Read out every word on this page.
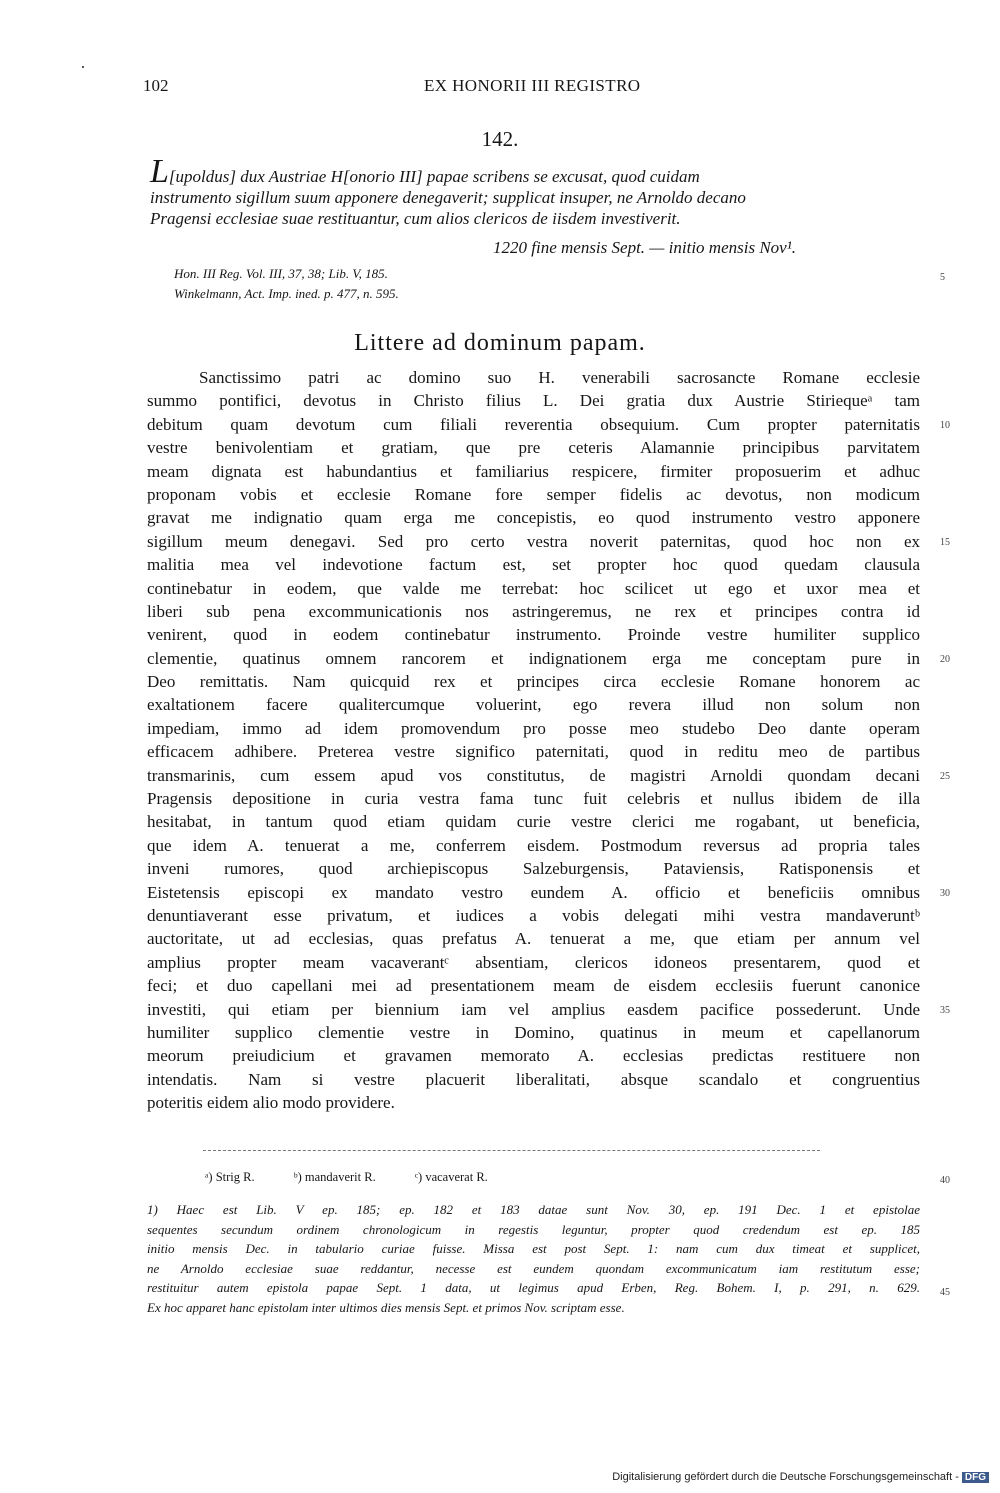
102	EX HONORII III REGISTRO
142.
L[upoldus] dux Austriae H[onorio III] papae scribens se excusat, quod cuidam
instrumento sigillum suum apponere denegaverit; supplicat insuper, ne Arnoldo decano
Pragensi ecclesiae suae restituantur, cum alios clericos de iisdem investiverit.
1220 fine mensis Sept. — initio mensis Nov¹.
Hon. III Reg. Vol. III, 37, 38; Lib. V, 185.
Winkelmann, Act. Imp. ined. p. 477, n. 595.
Littere ad dominum papam.
Sanctissimo patri ac domino suo H. venerabili sacrosancte Romane ecclesie
summo pontifici, devotus in Christo filius L. Dei gratia dux Austrie Stiriequeᵃ tam
debitum quam devotum cum filiali reverentia obsequium. Cum propter paternitatis
vestre benivolentiam et gratiam, que pre ceteris Alamannie principibus parvitatem
meam dignata est habundantius et familiarius respicere, firmiter proposuerim et adhuc
proponam vobis et ecclesie Romane fore semper fidelis ac devotus, non modicum
gravat me indignatio quam erga me concepistis, eo quod instrumento vestro apponere
sigillum meum denegavi. Sed pro certo vestra noverit paternitas, quod hoc non ex
malitia mea vel indevotione factum est, set propter hoc quod quedam clausula
continebatur in eodem, que valde me terrebat: hoc scilicet ut ego et uxor mea et
liberi sub pena excommunicationis nos astringeremus, ne rex et principes contra id
venirent, quod in eodem continebatur instrumento. Proinde vestre humiliter supplico
clementie, quatinus omnem rancorem et indignationem erga me conceptam pure in
Deo remittatis. Nam quicquid rex et principes circa ecclesie Romane honorem ac
exaltationem facere qualitercumque voluerint, ego revera illud non solum non
impediam, immo ad idem promovendum pro posse meo studebo Deo dante operam
efficacem adhibere. Preterea vestre significo paternitati, quod in reditu meo de partibus
transmarinis, cum essem apud vos constitutus, de magistri Arnoldi quondam decani
Pragensis depositione in curia vestra fama tunc fuit celebris et nullus ibidem de illa
hesitabat, in tantum quod etiam quidam curie vestre clerici me rogabant, ut beneficia,
que idem A. tenuerat a me, conferrem eisdem. Postmodum reversus ad propria tales
inveni rumores, quod archiepiscopus Salzeburgensis, Pataviensis, Ratisponensis et
Eistetensis episcopi ex mandato vestro eundem A. officio et beneficiis omnibus
denuntiaverant esse privatum, et iudices a vobis delegati mihi vestra mandaveruntᵇ
auctoritate, ut ad ecclesias, quas prefatus A. tenuerat a me, que etiam per annum vel
amplius propter meam vacaverantᶜ absentiam, clericos idoneos presentarem, quod et
feci; et duo capellani mei ad presentationem meam de eisdem ecclesiis fuerunt canonice
investiti, qui etiam per biennium iam vel amplius easdem pacifice possederunt. Unde
humiliter supplico clementie vestre in Domino, quatinus in meum et capellanorum
meorum preiudicium et gravamen memorato A. ecclesias predictas restituere non
intendatis. Nam si vestre placuerit liberalitati, absque scandalo et congruentius
poteritis eidem alio modo providere.
5
10
15
20
25
30
35
40
45
ᵃ) Strig R.	ᵇ) mandaverit R.	ᶜ) vacaverat R.
1) Haec est Lib. V ep. 185; ep. 182 et 183 datae sunt Nov. 30, ep. 191 Dec. 1 et epistolae
sequentes secundum ordinem chronologicum in regestis leguntur, propter quod credendum est ep. 185
initio mensis Dec. in tabulario curiae fuisse. Missa est post Sept. 1: nam cum dux timeat et supplicet,
ne Arnoldo ecclesiae suae reddantur, necesse est eundem quondam excommunicatum iam restitutum esse;
restituitur autem epistola papae Sept. 1 data, ut legimus apud Erben, Reg. Bohem. I, p. 291, n. 629.
Ex hoc apparet hanc epistolam inter ultimos dies mensis Sept. et primos Nov. scriptam esse.
Digitalisierung gefördert durch die Deutsche Forschungsgemeinschaft - DFG
